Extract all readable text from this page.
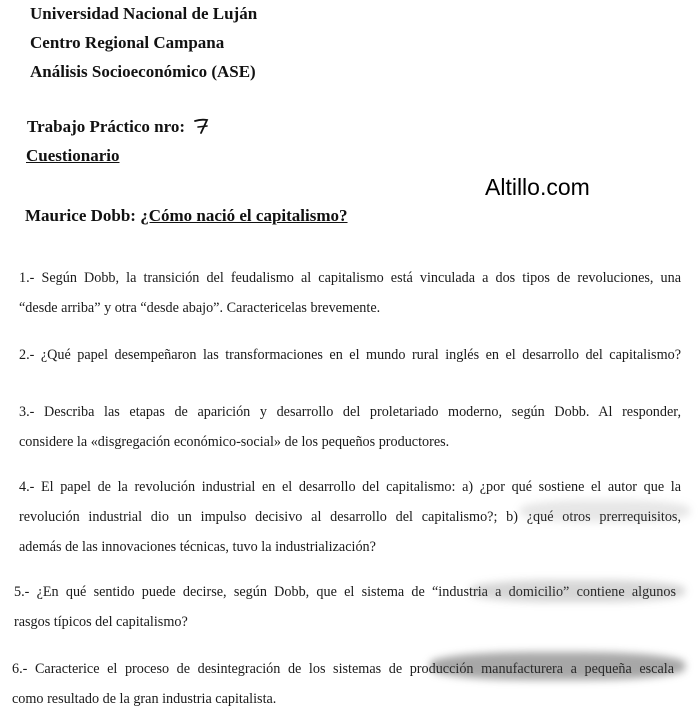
Universidad Nacional de Luján
Centro Regional Campana
Análisis Socioeconómico (ASE)
Trabajo Práctico nro:
Cuestionario
Altillo.com
Maurice Dobb: ¿Cómo nació el capitalismo?
1.- Según Dobb, la transición del feudalismo al capitalismo está vinculada a dos tipos de revoluciones, una
“desde arriba” y otra “desde abajo”. Caractericelas brevemente.
2.- ¿Qué papel desempeñaron las transformaciones en el mundo rural inglés en el desarrollo del capitalismo?
3.- Describa las etapas de aparición y desarrollo del proletariado moderno, según Dobb. Al responder,
considere la «disgregación económico-social» de los pequeños productores.
4.- El papel de la revolución industrial en el desarrollo del capitalismo: a) ¿por qué sostiene el autor que la
revolución industrial dio un impulso decisivo al desarrollo del capitalismo?; b) ¿qué otros prerrequisitos,
además de las innovaciones técnicas, tuvo la industrialización?
5.- ¿En qué sentido puede decirse, según Dobb, que el sistema de “industria a domicilio” contiene algunos
rasgos típicos del capitalismo?
6.- Caracterice el proceso de desintegración de los sistemas de producción manufacturera a pequeña escala
como resultado de la gran industria capitalista.
